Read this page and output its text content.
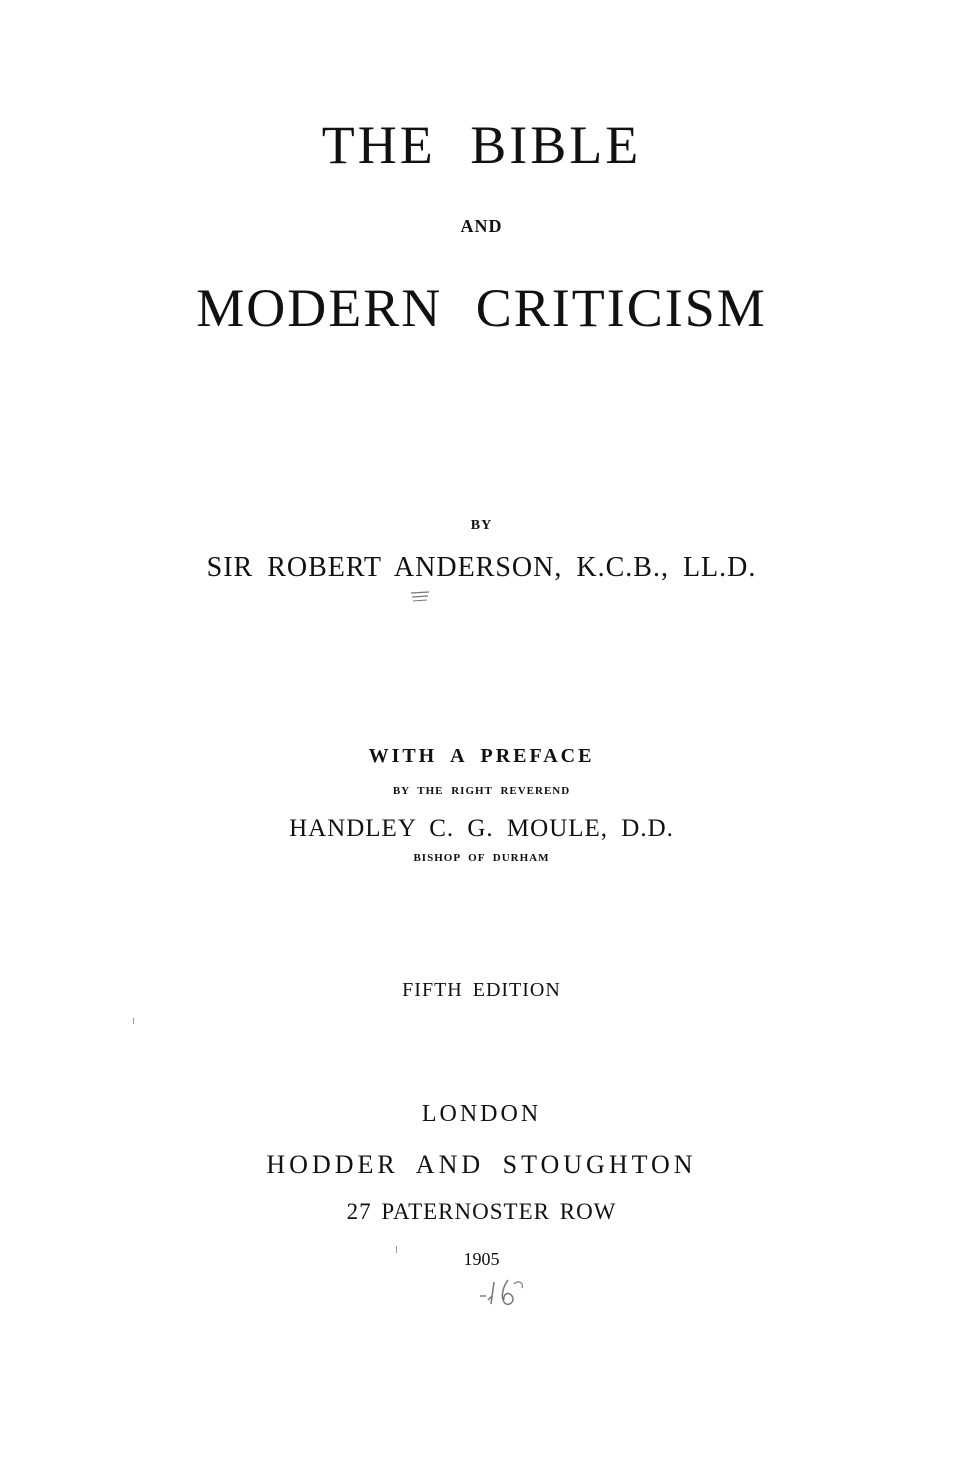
THE BIBLE
AND
MODERN CRITICISM
BY
SIR ROBERT ANDERSON, K.C.B., LL.D.
WITH A PREFACE
BY THE RIGHT REVEREND
HANDLEY C. G. MOULE, D.D.
BISHOP OF DURHAM
FIFTH EDITION
LONDON
HODDER AND STOUGHTON
27 PATERNOSTER ROW
1905
